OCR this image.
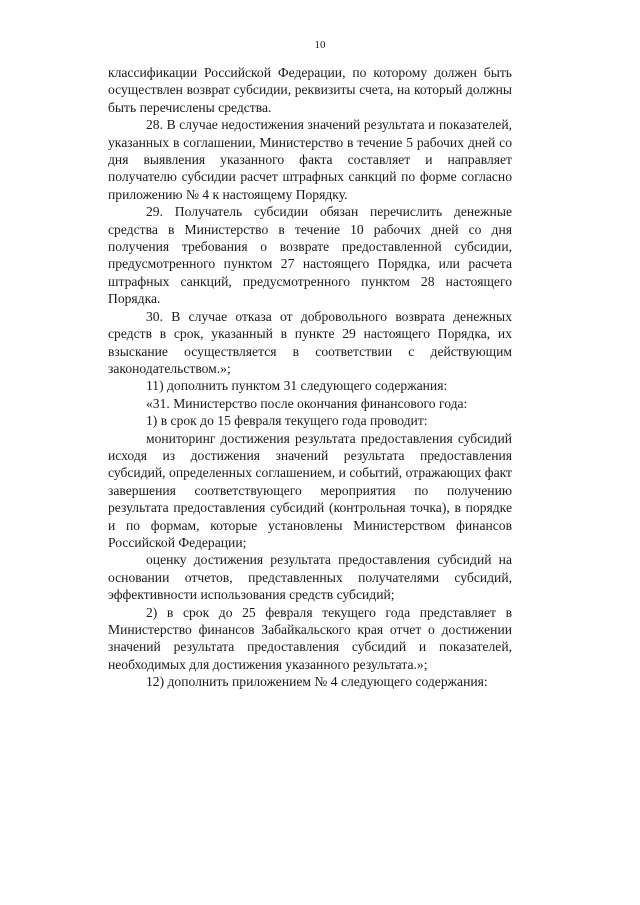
10

классификации Российской Федерации, по которому должен быть осуществлен возврат субсидии, реквизиты счета, на который должны быть перечислены средства.

28. В случае недостижения значений результата и показателей, указанных в соглашении, Министерство в течение 5 рабочих дней со дня выявления указанного факта составляет и направляет получателю субсидии расчет штрафных санкций по форме согласно приложению № 4 к настоящему Порядку.

29. Получатель субсидии обязан перечислить денежные средства в Министерство в течение 10 рабочих дней со дня получения требования о возврате предоставленной субсидии, предусмотренного пунктом 27 настоящего Порядка, или расчета штрафных санкций, предусмотренного пунктом 28 настоящего Порядка.

30. В случае отказа от добровольного возврата денежных средств в срок, указанный в пункте 29 настоящего Порядка, их взыскание осуществляется в соответствии с действующим законодательством.»;

11) дополнить пунктом 31 следующего содержания:

«31. Министерство после окончания финансового года:

1) в срок до 15 февраля текущего года проводит:

мониторинг достижения результата предоставления субсидий исходя из достижения значений результата предоставления субсидий, определенных соглашением, и событий, отражающих факт завершения соответствующего мероприятия по получению результата предоставления субсидий (контрольная точка), в порядке и по формам, которые установлены Министерством финансов Российской Федерации;

оценку достижения результата предоставления субсидий на основании отчетов, представленных получателями субсидий, эффективности использования средств субсидий;

2) в срок до 25 февраля текущего года представляет в Министерство финансов Забайкальского края отчет о достижении значений результата предоставления субсидий и показателей, необходимых для достижения указанного результата.»;

12) дополнить приложением № 4 следующего содержания:
